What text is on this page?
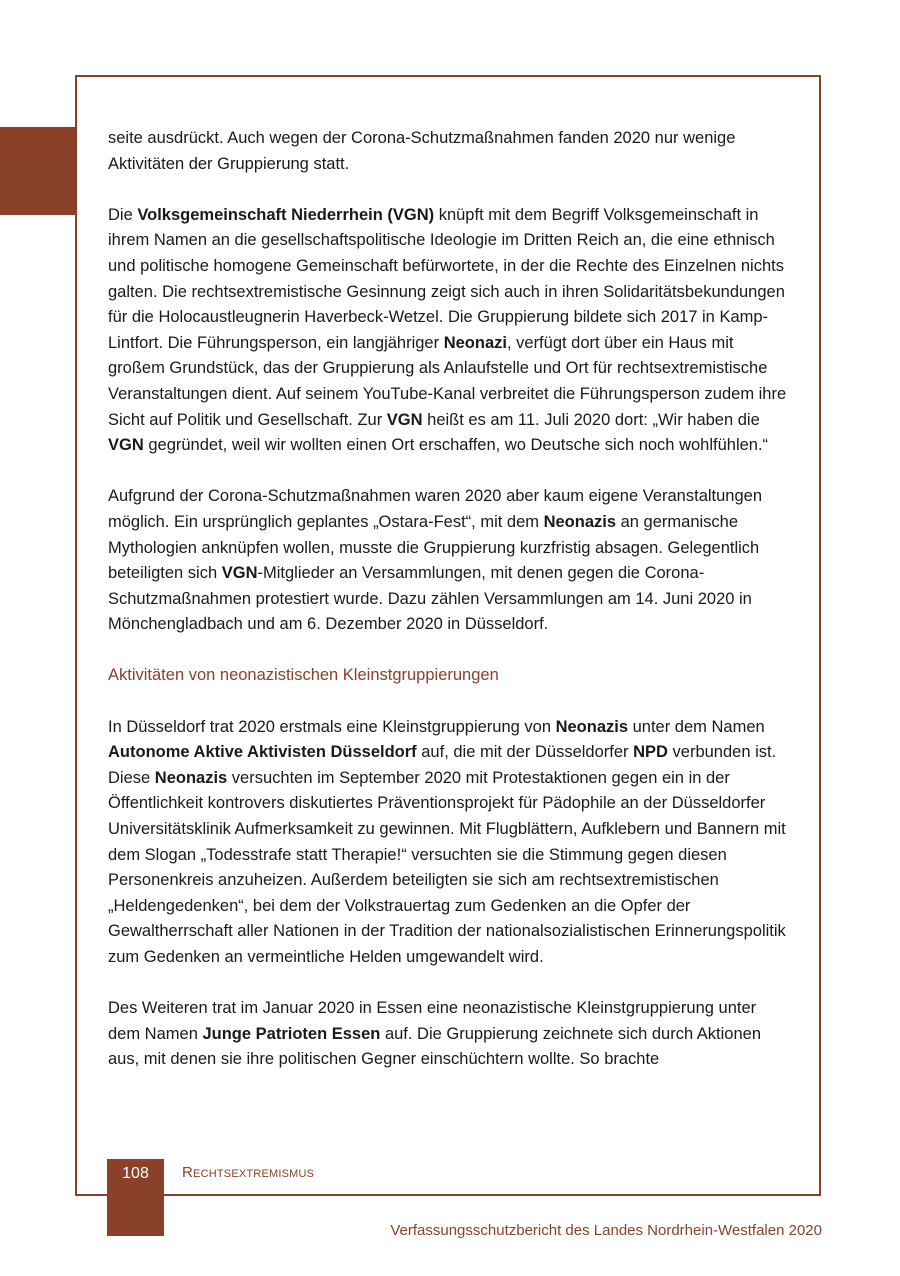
seite ausdrückt. Auch wegen der Corona-Schutzmaßnahmen fanden 2020 nur wenige Aktivitäten der Gruppierung statt.

Die Volksgemeinschaft Niederrhein (VGN) knüpft mit dem Begriff Volksgemeinschaft in ihrem Namen an die gesellschaftspolitische Ideologie im Dritten Reich an, die eine ethnisch und politische homogene Gemeinschaft befürwortete, in der die Rechte des Einzelnen nichts galten. Die rechtsextremistische Gesinnung zeigt sich auch in ihren Solidaritätsbekundungen für die Holocaustleugnerin Haverbeck-Wetzel. Die Gruppierung bildete sich 2017 in Kamp-Lintfort. Die Führungsperson, ein langjähriger Neonazi, verfügt dort über ein Haus mit großem Grundstück, das der Gruppierung als Anlaufstelle und Ort für rechtsextremistische Veranstaltungen dient. Auf seinem YouTube-Kanal verbreitet die Führungsperson zudem ihre Sicht auf Politik und Gesellschaft. Zur VGN heißt es am 11. Juli 2020 dort: „Wir haben die VGN gegründet, weil wir wollten einen Ort erschaffen, wo Deutsche sich noch wohlfühlen.“

Aufgrund der Corona-Schutzmaßnahmen waren 2020 aber kaum eigene Veranstaltungen möglich. Ein ursprünglich geplantes „Ostara-Fest“, mit dem Neonazis an germanische Mythologien anknüpfen wollen, musste die Gruppierung kurzfristig absagen. Gelegentlich beteiligten sich VGN-Mitglieder an Versammlungen, mit denen gegen die Corona-Schutzmaßnahmen protestiert wurde. Dazu zählen Versammlungen am 14. Juni 2020 in Mönchengladbach und am 6. Dezember 2020 in Düsseldorf.

Aktivitäten von neonazistischen Kleinstgruppierungen

In Düsseldorf trat 2020 erstmals eine Kleinstgruppierung von Neonazis unter dem Namen Autonome Aktive Aktivisten Düsseldorf auf, die mit der Düsseldorfer NPD verbunden ist. Diese Neonazis versuchten im September 2020 mit Protestaktionen gegen ein in der Öffentlichkeit kontrovers diskutiertes Präventionsprojekt für Pädophile an der Düsseldorfer Universitätsklinik Aufmerksamkeit zu gewinnen. Mit Flugblättern, Aufklebern und Bannern mit dem Slogan „Todesstrafe statt Therapie!“ versuchten sie die Stimmung gegen diesen Personenkreis anzuheizen. Außerdem beteiligten sie sich am rechtsextremistischen „Heldengedenken“, bei dem der Volkstrauertag zum Gedenken an die Opfer der Gewaltherrschaft aller Nationen in der Tradition der nationalsozialistischen Erinnerungspolitik zum Gedenken an vermeintliche Helden umgewandelt wird.

Des Weiteren trat im Januar 2020 in Essen eine neonazistische Kleinstgruppierung unter dem Namen Junge Patrioten Essen auf. Die Gruppierung zeichnete sich durch Aktionen aus, mit denen sie ihre politischen Gegner einschüchtern wollte. So brachte

108	Rechtsextremismus
Verfassungsschutzbericht des Landes Nordrhein-Westfalen 2020
